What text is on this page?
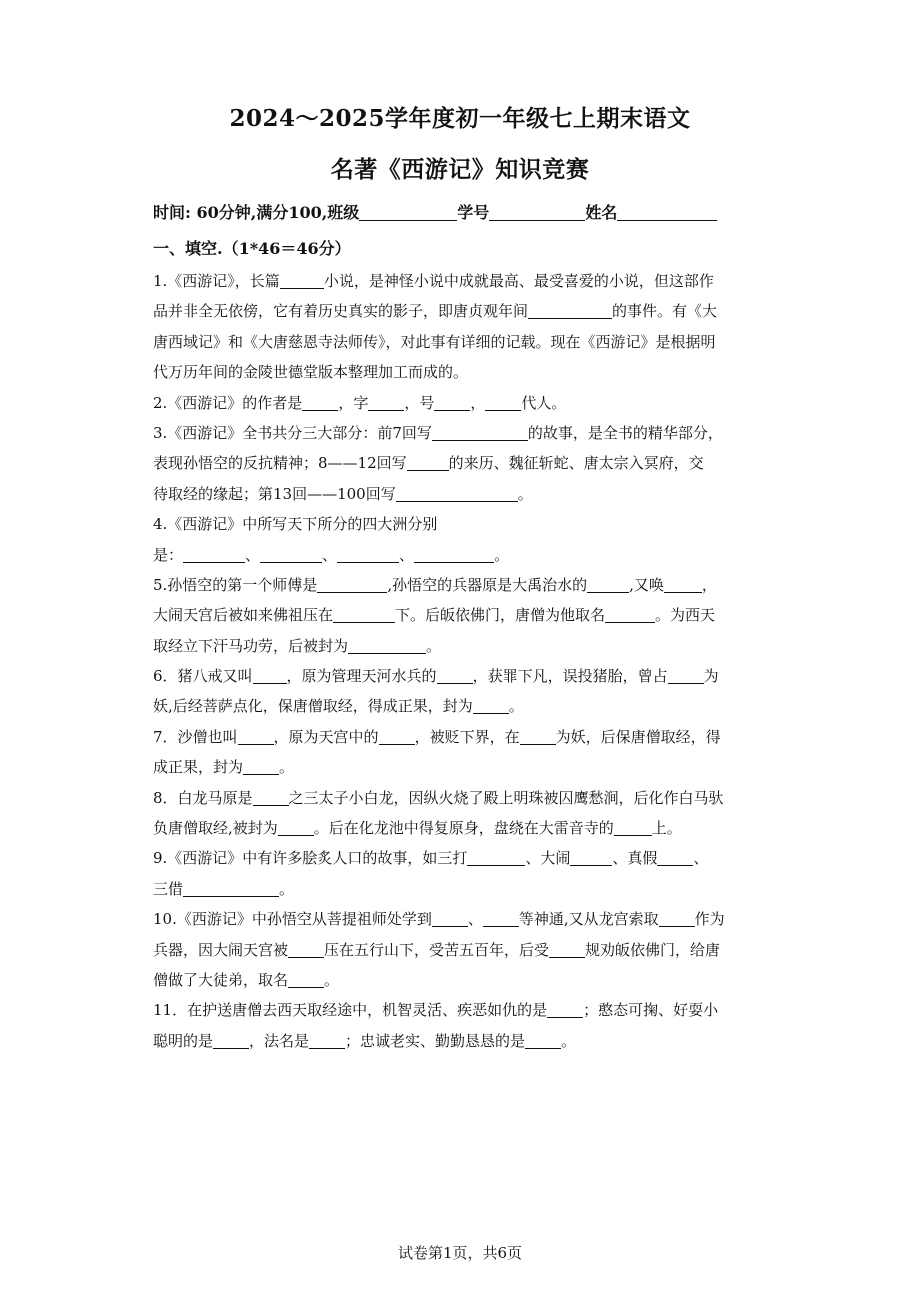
2024～2025学年度初一年级七上期末语文
名著《西游记》知识竞赛
时间: 60分钟,满分100,班级	学号	姓名
一、填空.（1*46＝46分）
1.《西游记》，长篇	小说，是神怪小说中成就最高、最受喜爱的小说，但这部作
品并非全无依傍，它有着历史真实的影子，即唐贞观年间	的事件。有《大
唐西域记》和《大唐慈恩寺法师传》，对此事有详细的记载。现在《西游记》是根据明
代万历年间的金陵世德堂版本整理加工而成的。
2.《西游记》的作者是 ，字 ，号 ， 代人。
3.《西游记》全书共分三大部分：前7回写	的故事，是全书的精华部分，
表现孙悟空的反抗精神；8——12回写	的来历、魏征斩蛇、唐太宗入冥府，交
待取经的缘起；第13回——100回写	。
4.《西游记》中所写天下所分的四大洲分别
是：	、	、	、	。
5.孙悟空的第一个师傅是	,孙悟空的兵器原是大禹治水的	,又唤	，
大闹天宫后被如来佛祖压在	下。后皈依佛门，唐僧为他取名	。为西天
取经立下汗马功劳，后被封为	。
6．猪八戒又叫 ，原为管理天河水兵的 ，获罪下凡，误投猪胎，曾占 为
妖,后经菩萨点化，保唐僧取经，得成正果，封为 。
7．沙僧也叫 ，原为天宫中的 ，被贬下界，在 为妖，后保唐僧取经，得
成正果，封为 。
8．白龙马原是 之三太子小白龙，因纵火烧了殿上明珠被囚鹰愁涧，后化作白马驮
负唐僧取经,被封为 。后在化龙池中得复原身，盘绕在大雷音寺的	上。
9.《西游记》中有许多脍炙人口的故事，如三打	、大闹	、真假 、
三借	。
10.《西游记》中孙悟空从菩提祖师处学到 、 等神通,又从龙宫索取 作为
兵器，因大闹天宫被 压在五行山下，受苦五百年，后受 规劝皈依佛门，给唐
僧做了大徒弟，取名 。
11．在护送唐僧去西天取经途中，机智灵活、疾恶如仇的是 ；憨态可掬、好耍小
聪明的是 ，法名是 ；忠诚老实、勤勤恳恳的是 。
试卷第1页，共6页
